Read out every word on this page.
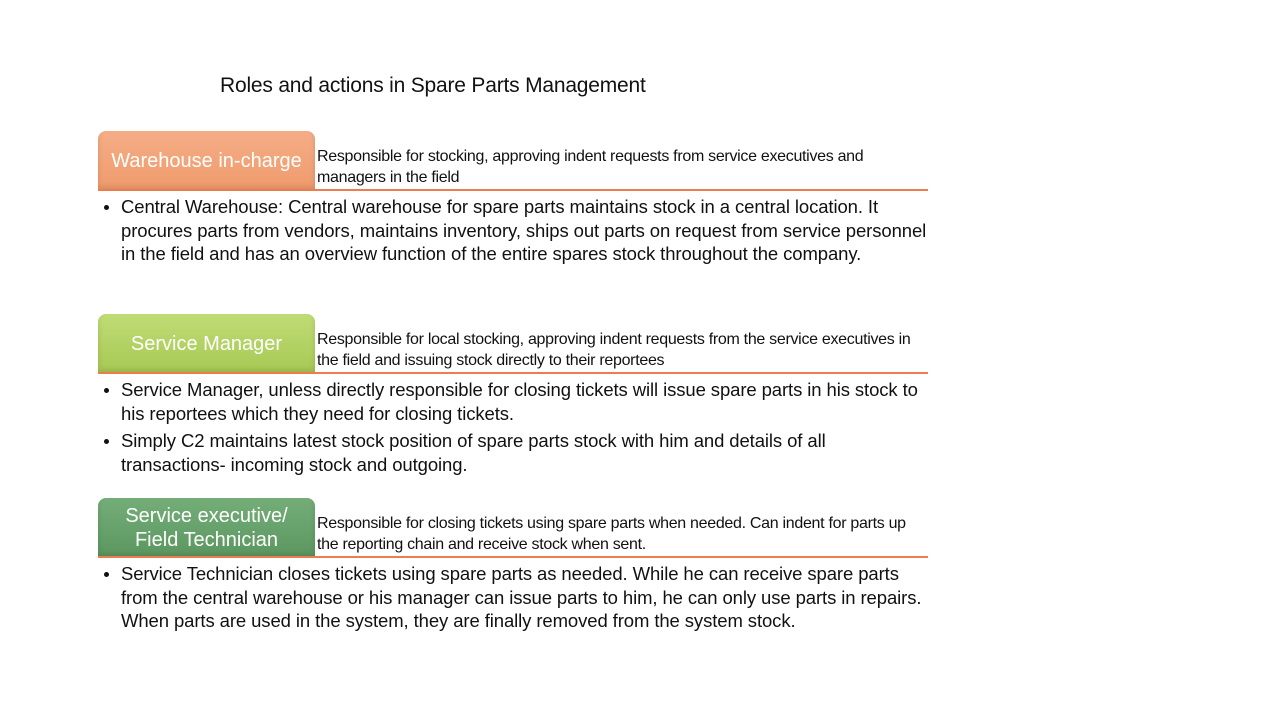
Roles and actions in Spare Parts Management
Warehouse in-charge Responsible for stocking, approving indent requests from service executives and managers in the field
Central Warehouse: Central warehouse for spare parts maintains stock in a central location. It procures parts from vendors, maintains inventory, ships out parts on request from service personnel in the field and has an overview function of the entire spares stock throughout the company.
Service Manager Responsible for local stocking, approving indent requests from the service executives in the field and issuing stock directly to their reportees
Service Manager, unless directly responsible for closing tickets will issue spare parts in his stock to his reportees which they need for closing tickets.
Simply C2 maintains latest stock position of spare parts stock with him and details of all transactions- incoming stock and outgoing.
Service executive/ Field Technician
Responsible for closing tickets using spare parts when needed. Can indent for parts up the reporting chain and receive stock when sent.
Service Technician closes tickets using spare parts as needed. While he can receive spare parts from the central warehouse or his manager can issue parts to him, he can only use parts in repairs. When parts are used in the system, they are finally removed from the system stock.
